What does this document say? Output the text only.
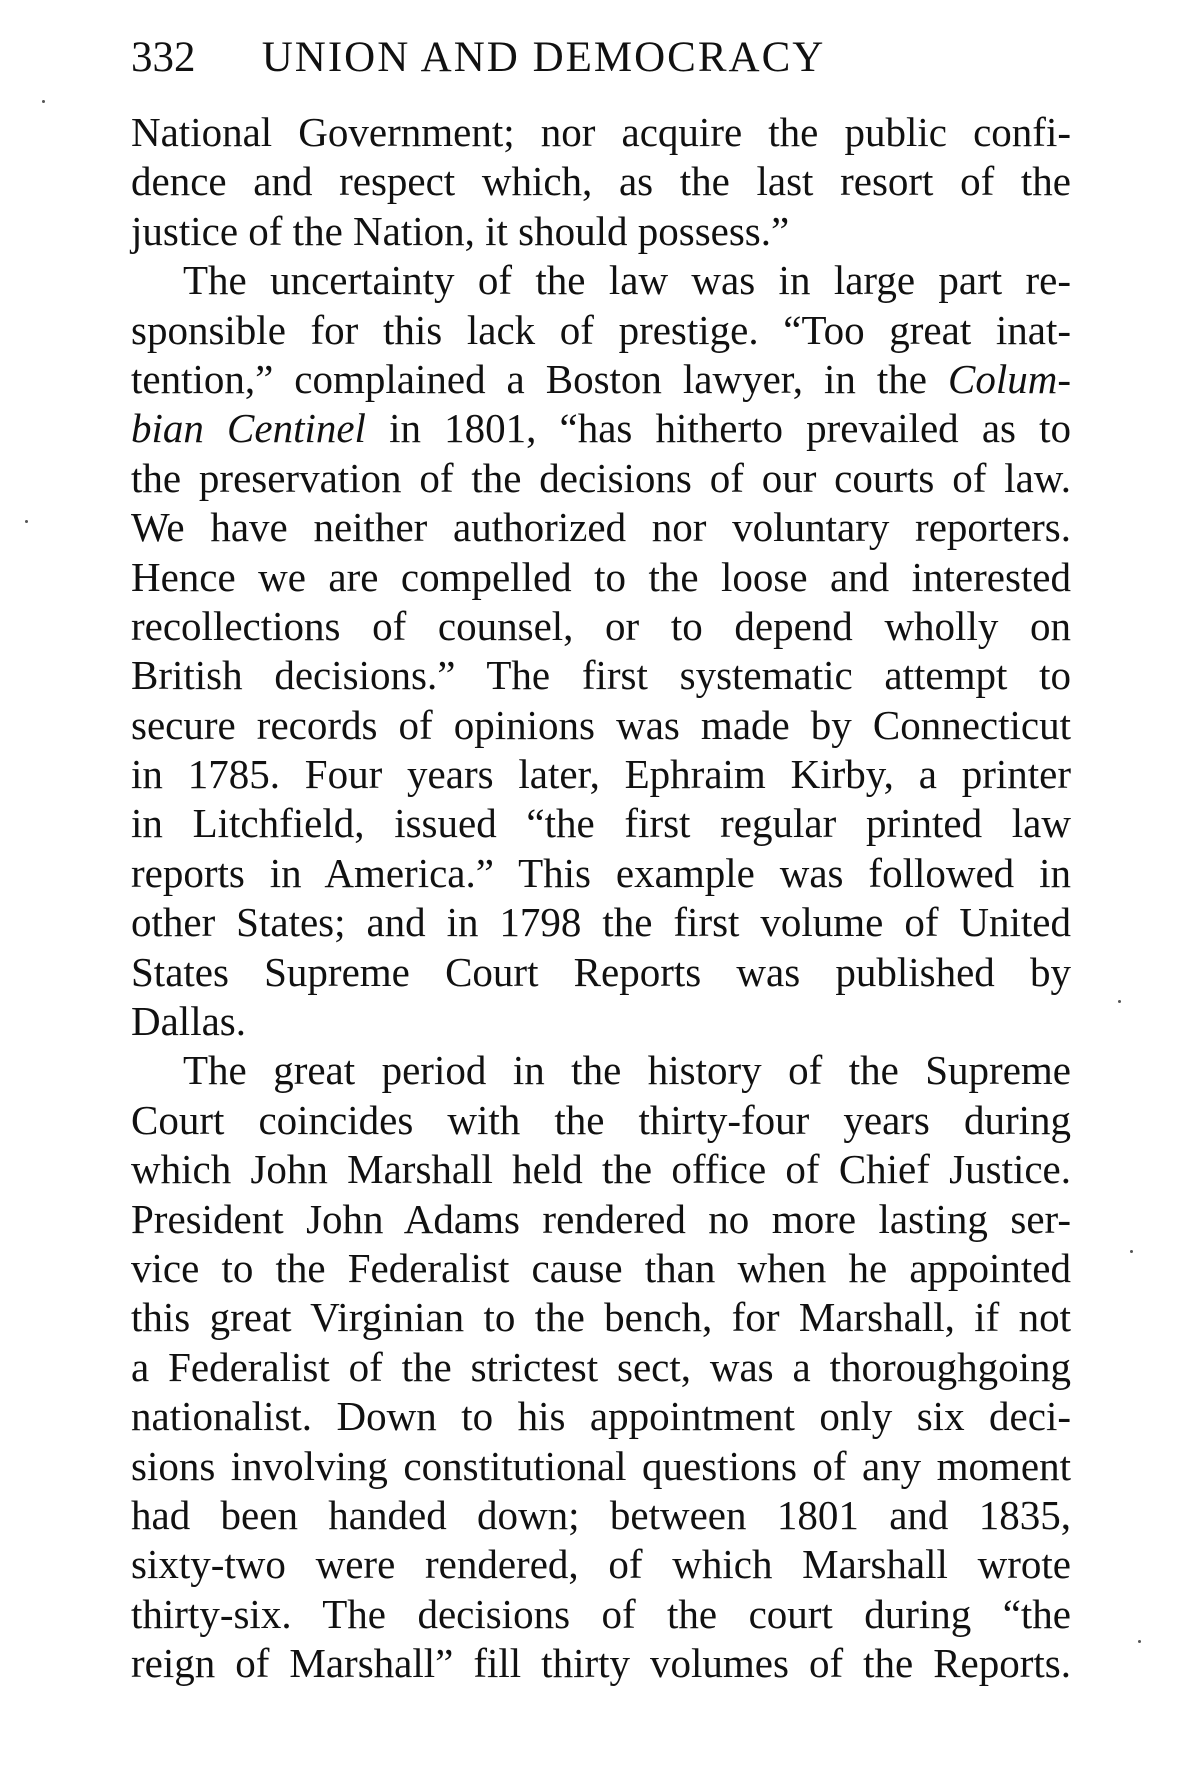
332 UNION AND DEMOCRACY
National Government; nor acquire the public confi-
dence and respect which, as the last resort of the
justice of the Nation, it should possess.”
The uncertainty of the law was in large part re-
sponsible for this lack of prestige. “Too great inat-
tention,” complained a Boston lawyer, in the Colum-
bian Centinel in 1801, “has hitherto prevailed as to
the preservation of the decisions of our courts of law.
We have neither authorized nor voluntary reporters.
Hence we are compelled to the loose and interested
recollections of counsel, or to depend wholly on
British decisions.” The first systematic attempt to
secure records of opinions was made by Connecticut
in 1785. Four years later, Ephraim Kirby, a printer
in Litchfield, issued “the first regular printed law
reports in America.” This example was followed in
other States; and in 1798 the first volume of United
States Supreme Court Reports was published by
Dallas.
The great period in the history of the Supreme
Court coincides with the thirty-four years during
which John Marshall held the office of Chief Justice.
President John Adams rendered no more lasting ser-
vice to the Federalist cause than when he appointed
this great Virginian to the bench, for Marshall, if not
a Federalist of the strictest sect, was a thoroughgoing
nationalist. Down to his appointment only six deci-
sions involving constitutional questions of any moment
had been handed down; between 1801 and 1835,
sixty-two were rendered, of which Marshall wrote
thirty-six. The decisions of the court during “the
reign of Marshall” fill thirty volumes of the Reports.
